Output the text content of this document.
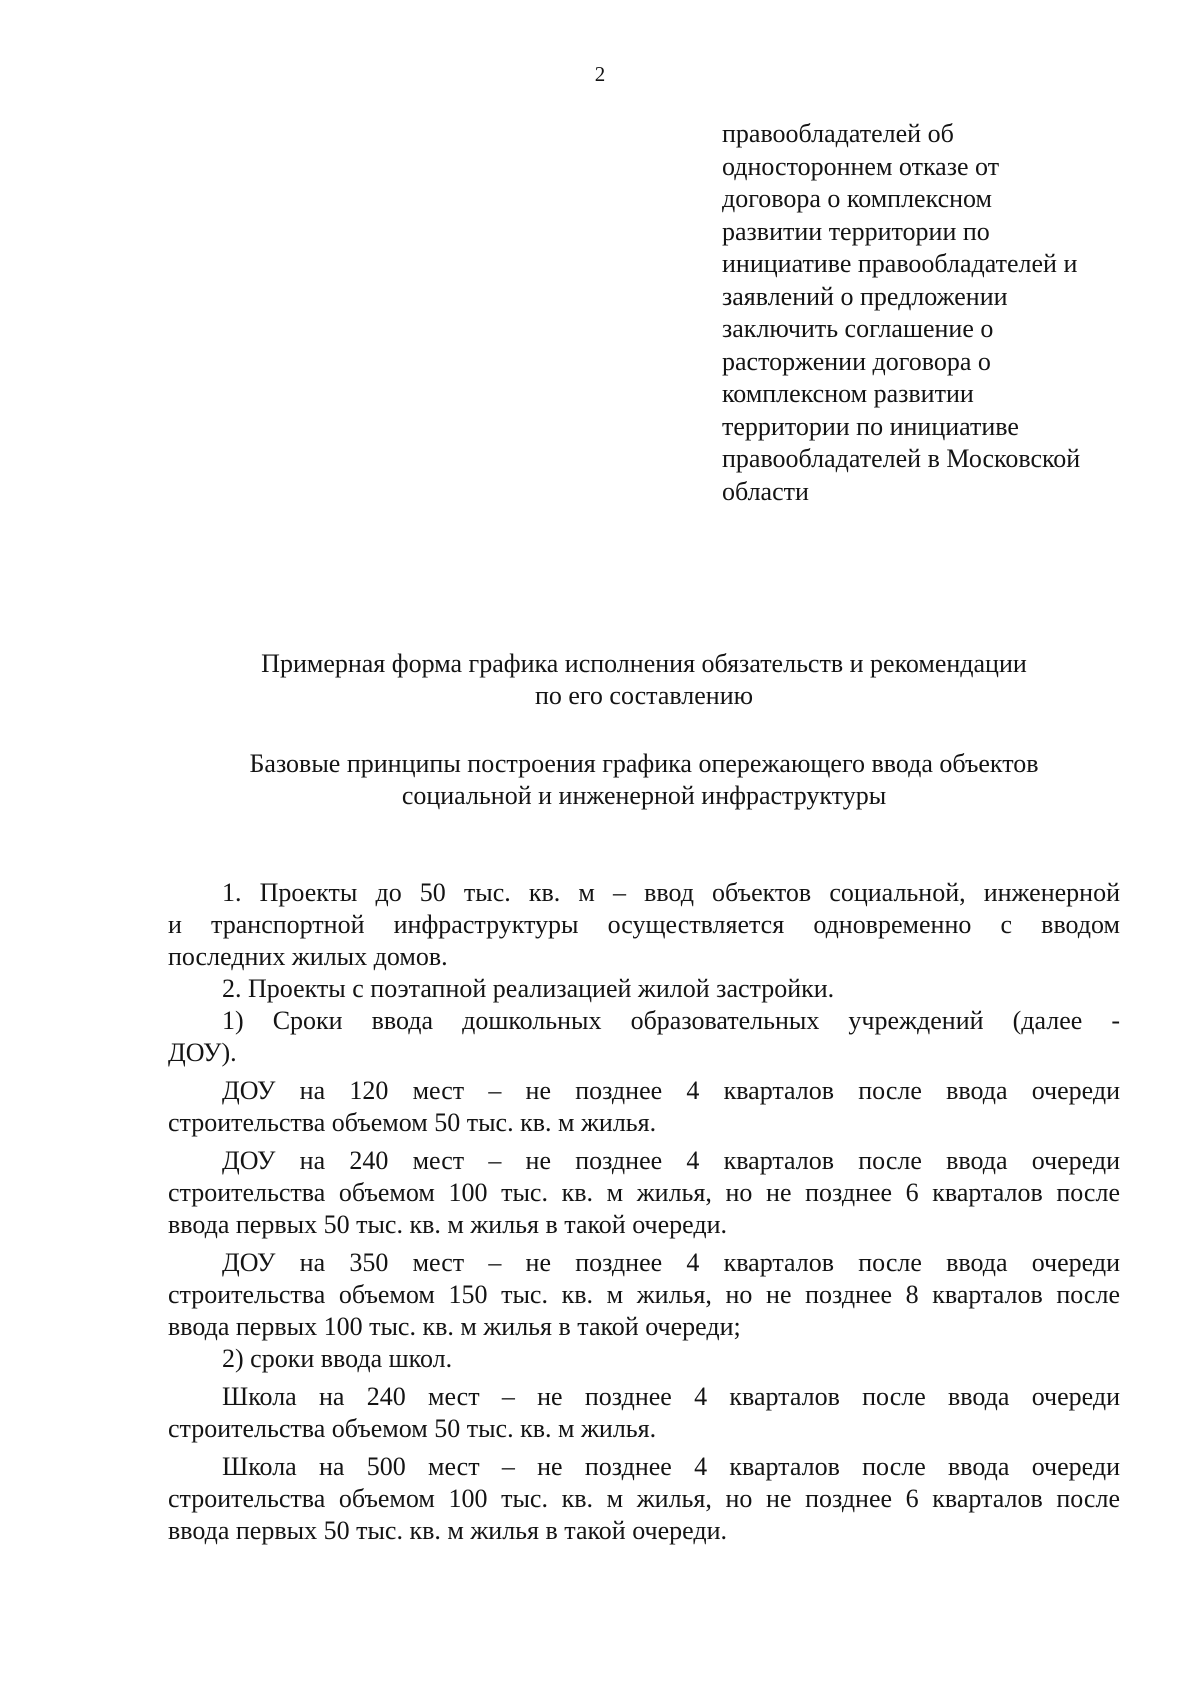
2
правообладателей об
одностороннем отказе от
договора о комплексном
развитии территории по
инициативе правообладателей и
заявлений о предложении
заключить соглашение о
расторжении договора о
комплексном развитии
территории по инициативе
правообладателей в Московской
области
Примерная форма графика исполнения обязательств и рекомендации
по его составлению
Базовые принципы построения графика опережающего ввода объектов
социальной и инженерной инфраструктуры
1. Проекты до 50 тыс. кв. м – ввод объектов социальной, инженерной
и транспортной инфраструктуры осуществляется одновременно с вводом
последних жилых домов.
2. Проекты с поэтапной реализацией жилой застройки.
1) Сроки ввода дошкольных образовательных учреждений (далее -
ДОУ).
ДОУ на 120 мест – не позднее 4 кварталов после ввода очереди
строительства объемом 50 тыс. кв. м жилья.
ДОУ на 240 мест – не позднее 4 кварталов после ввода очереди
строительства объемом 100 тыс. кв. м жилья, но не позднее 6 кварталов после
ввода первых 50 тыс. кв. м жилья в такой очереди.
ДОУ на 350 мест – не позднее 4 кварталов после ввода очереди
строительства объемом 150 тыс. кв. м жилья, но не позднее 8 кварталов после
ввода первых 100 тыс. кв. м жилья в такой очереди;
2) сроки ввода школ.
Школа на 240 мест – не позднее 4 кварталов после ввода очереди
строительства объемом 50 тыс. кв. м жилья.
Школа на 500 мест – не позднее 4 кварталов после ввода очереди
строительства объемом 100 тыс. кв. м жилья, но не позднее 6 кварталов после
ввода первых 50 тыс. кв. м жилья в такой очереди.
